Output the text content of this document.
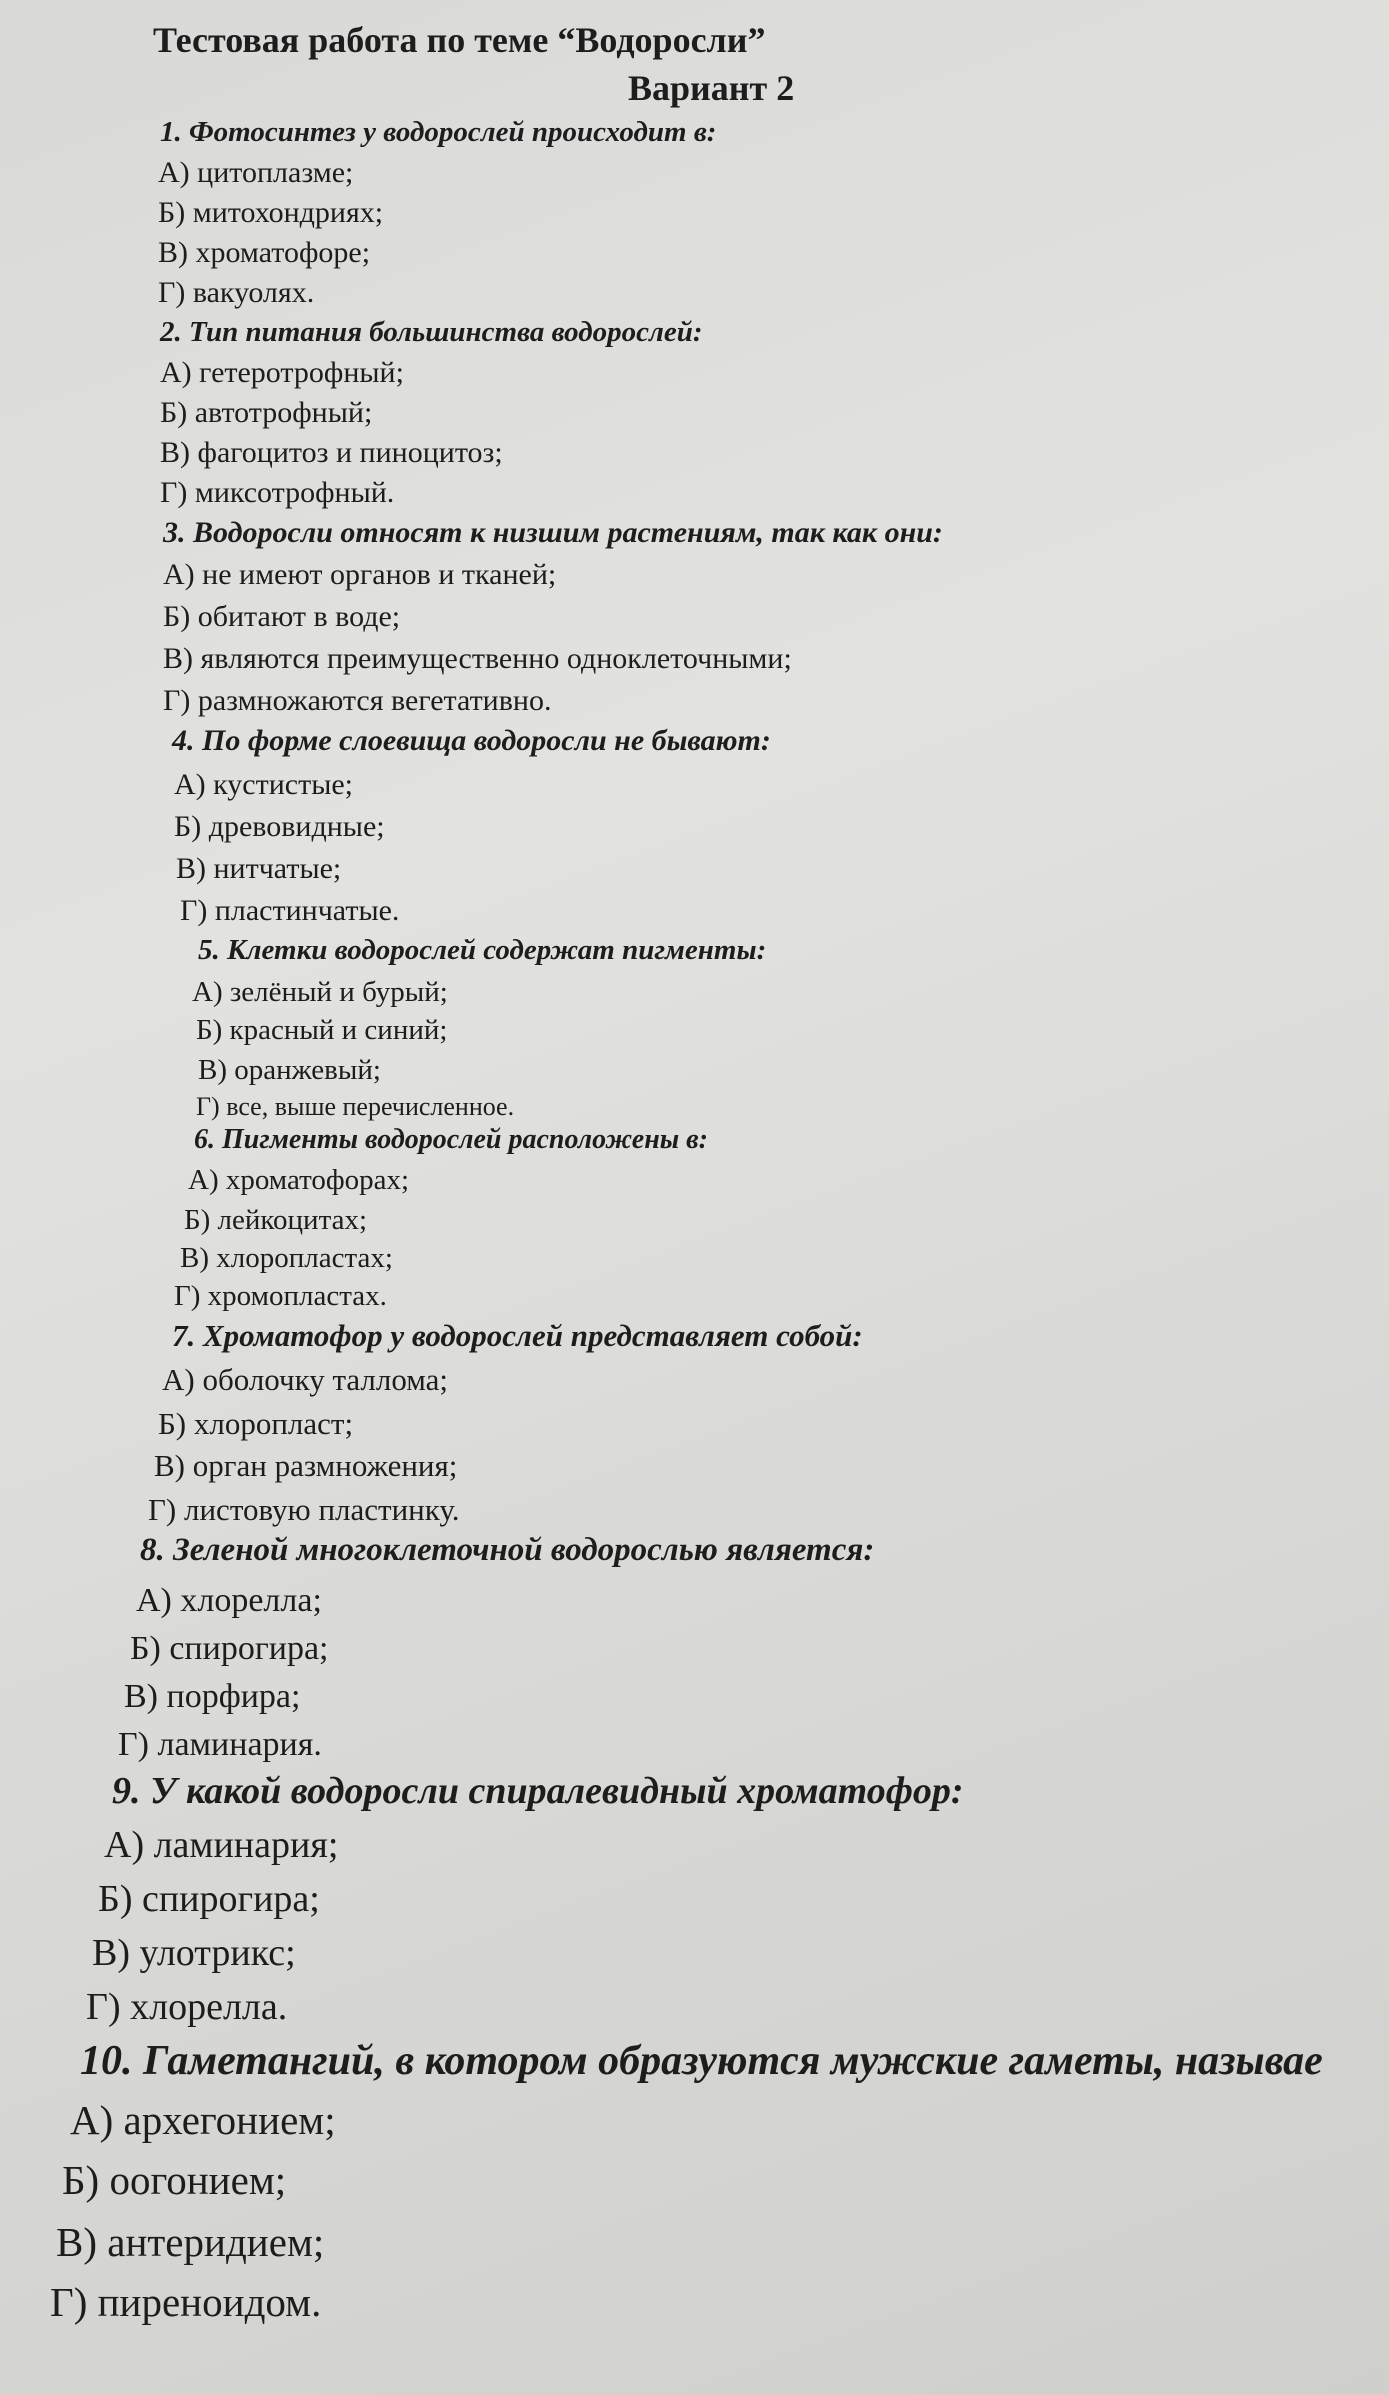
Тестовая работа по теме “Водоросли”
Вариант 2
1. Фотосинтез у водорослей происходит в:
А) цитоплазме;
Б) митохондриях;
В) хроматофоре;
Г) вакуолях.
2. Тип питания большинства водорослей:
А) гетеротрофный;
Б) автотрофный;
В) фагоцитоз и пиноцитоз;
Г) миксотрофный.
3. Водоросли относят к низшим растениям, так как они:
А) не имеют органов и тканей;
Б) обитают в воде;
В) являются преимущественно одноклеточными;
Г) размножаются вегетативно.
4. По форме слоевища водоросли не бывают:
А) кустистые;
Б) древовидные;
В) нитчатые;
Г) пластинчатые.
5. Клетки водорослей содержат пигменты:
А) зелёный и бурый;
Б) красный и синий;
В) оранжевый;
Г) все, выше перечисленное.
6. Пигменты водорослей расположены в:
А) хроматофорах;
Б) лейкоцитах;
В) хлоропластах;
Г) хромопластах.
7. Хроматофор у водорослей представляет собой:
А) оболочку таллома;
Б) хлоропласт;
В) орган размножения;
Г) листовую пластинку.
8. Зеленой многоклеточной водорослью является:
А) хлорелла;
Б) спирогира;
В) порфира;
Г) ламинария.
9. У какой водоросли спиралевидный хроматофор:
А) ламинария;
Б) спирогира;
В) улотрикс;
Г) хлорелла.
10. Гаметангий, в котором образуются мужские гаметы, называе
А) архегонием;
Б) оогонием;
В) антеридием;
Г) пиреноидом.
